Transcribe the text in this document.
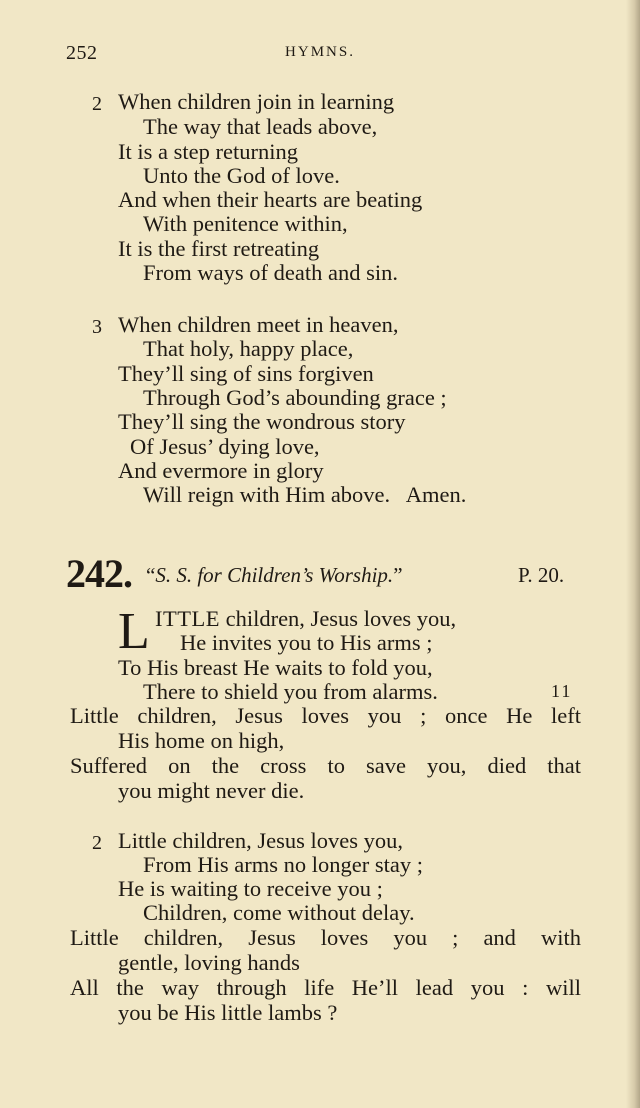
252	HYMNS.
2 When children join in learning
The way that leads above,
It is a step returning
Unto the God of love.
And when their hearts are beating
With penitence within,
It is the first retreating
From ways of death and sin.
3 When children meet in heaven,
That holy, happy place,
They’ll sing of sins forgiven
Through God’s abounding grace ;
They’ll sing the wondrous story
Of Jesus’ dying love,
And evermore in glory
Will reign with Him above.   Amen.
242. “S. S. for Children’s Worship.”	P. 20.
L ITTLE children, Jesus loves you,
He invites you to His arms ;
To His breast He waits to fold you,
There to shield you from alarms.	11
Little children, Jesus loves you ; once He left
His home on high,
Suffered on the cross to save you, died that
you might never die.
2 Little children, Jesus loves you,
From His arms no longer stay ;
He is waiting to receive you ;
Children, come without delay.
Little children, Jesus loves you ; and with
gentle, loving hands
All the way through life He’ll lead you : will
you be His little lambs ?
